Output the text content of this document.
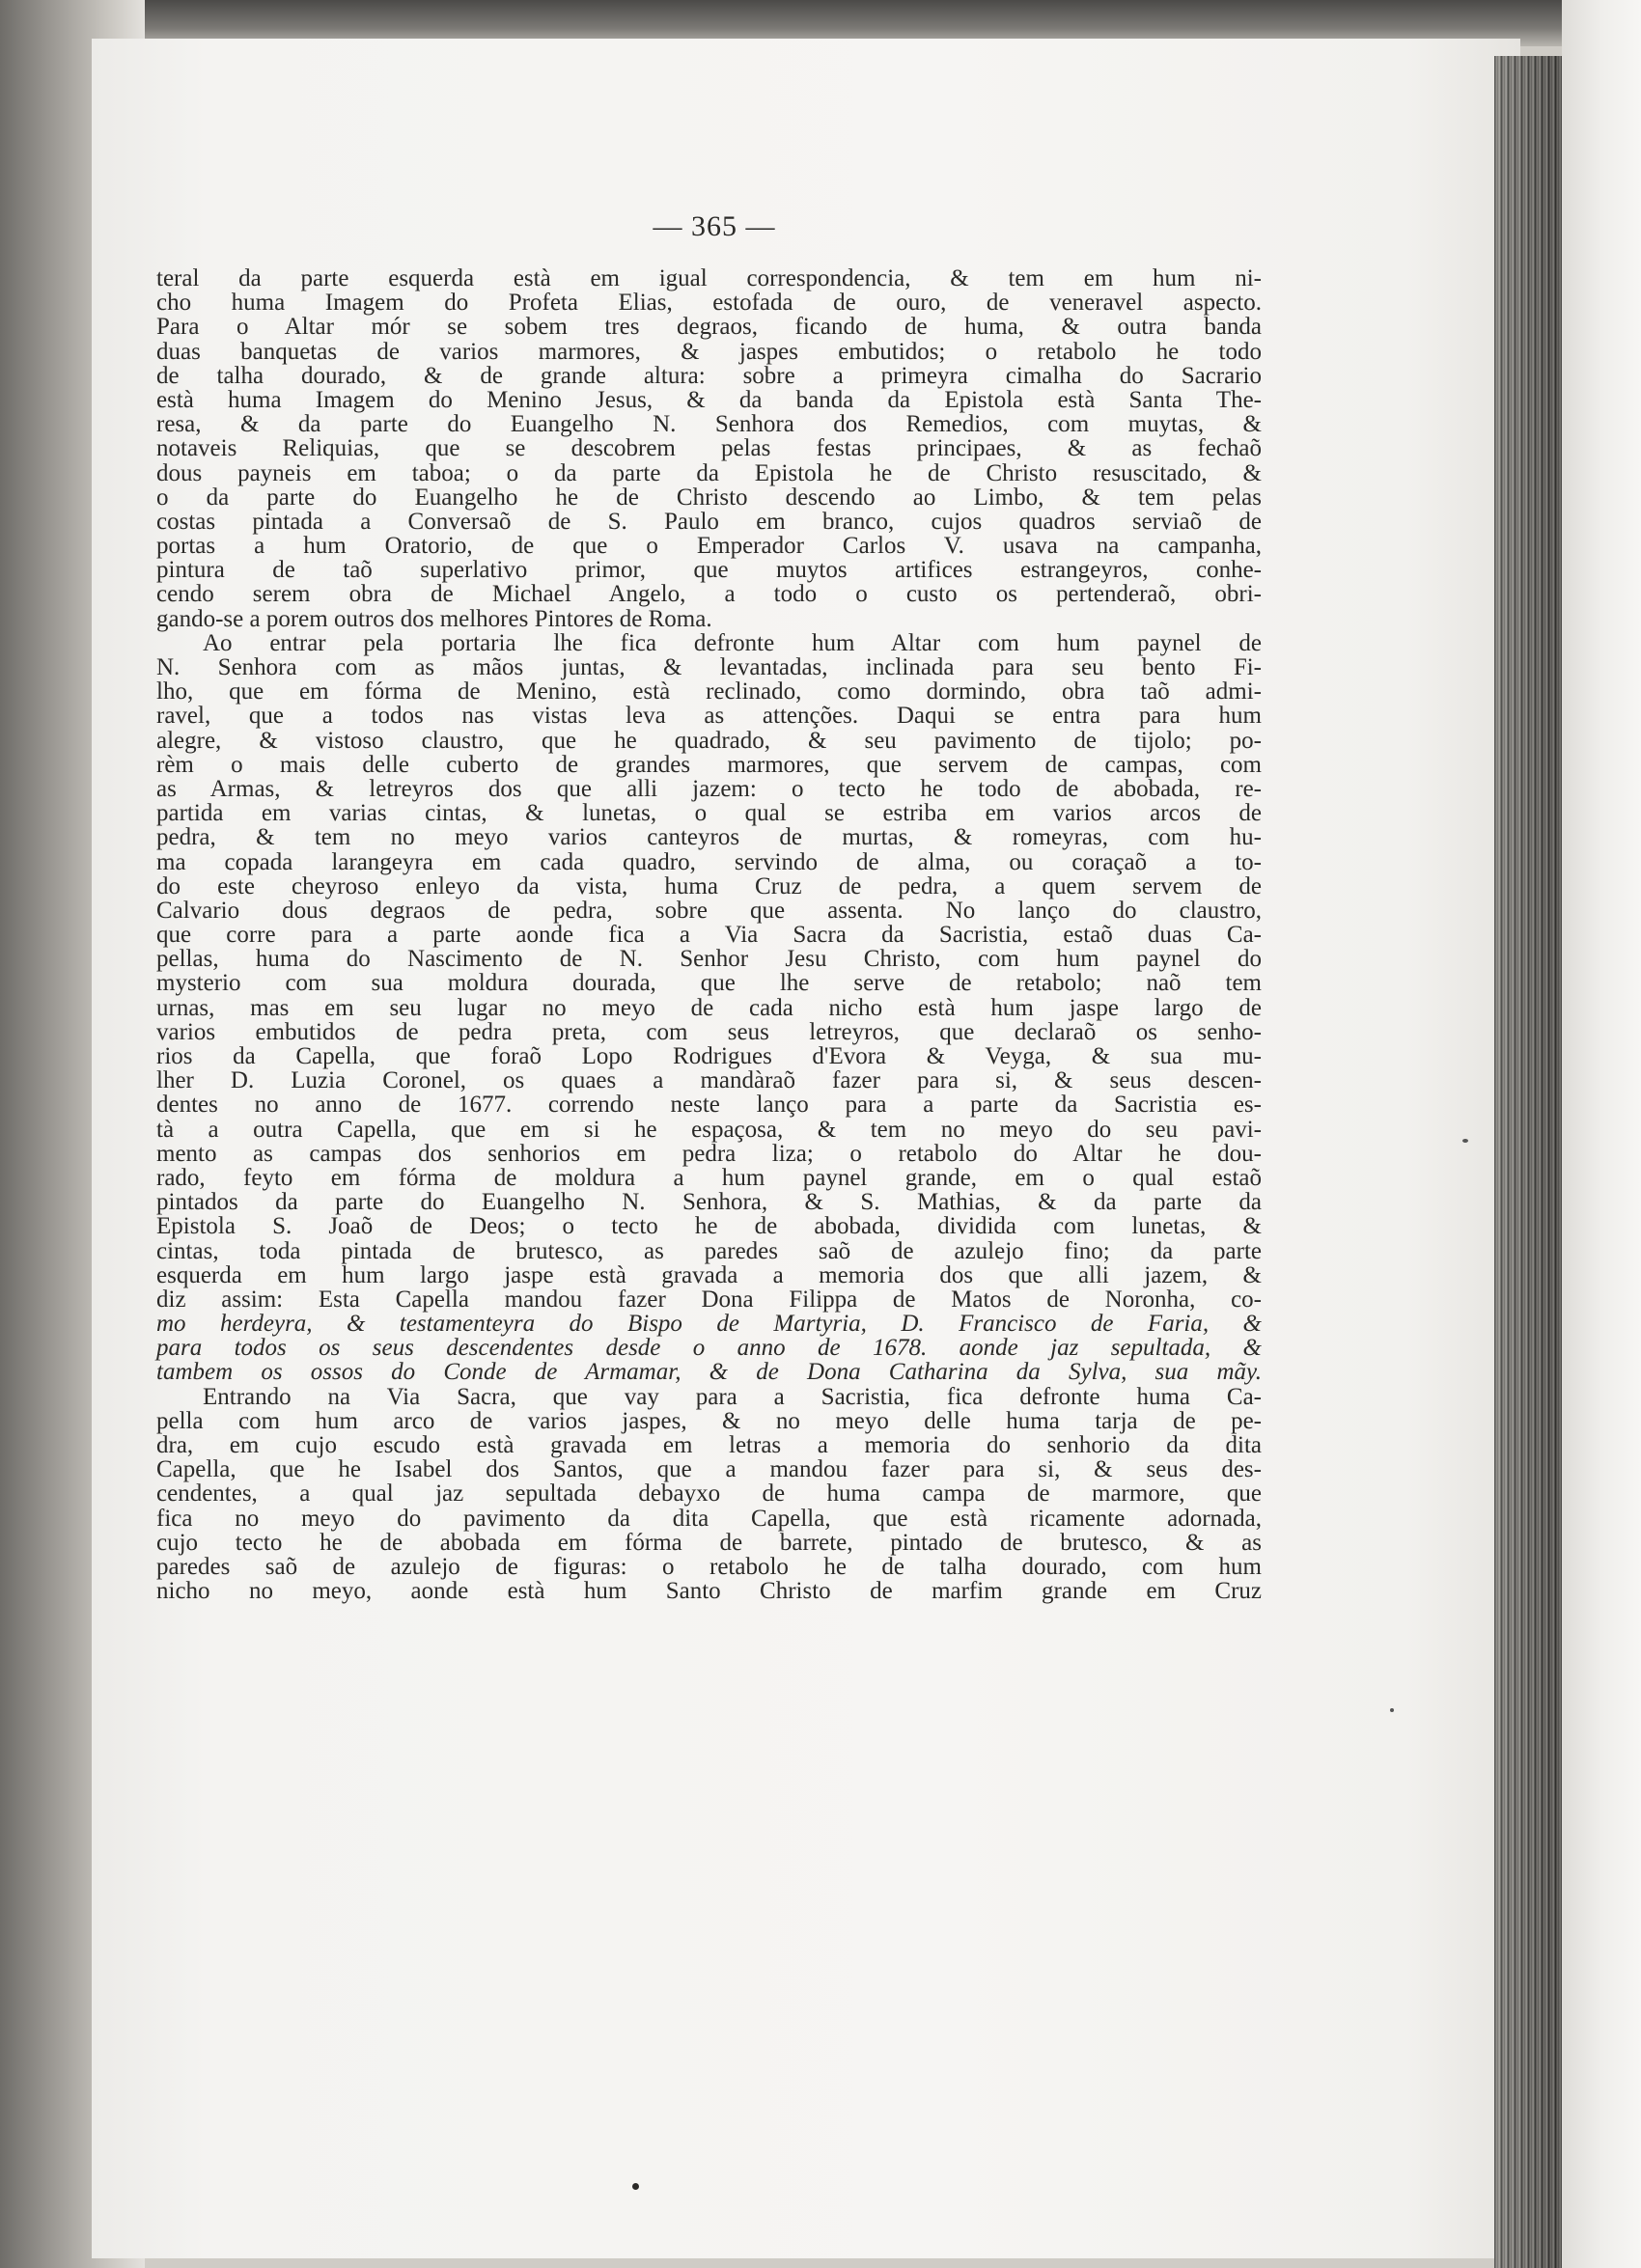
— 365 —
teral da parte esquerda està em igual correspondencia, & tem em hum ni-
cho huma Imagem do Profeta Elias, estofada de ouro, de veneravel aspecto.
Para o Altar mór se sobem tres degraos, ficando de huma, & outra banda
duas banquetas de varios marmores, & jaspes embutidos; o retabolo he todo
de talha dourado, & de grande altura: sobre a primeyra cimalha do Sacrario
està huma Imagem do Menino Jesus, & da banda da Epistola està Santa The-
resa, & da parte do Euangelho N. Senhora dos Remedios, com muytas, &
notaveis Reliquias, que se descobrem pelas festas principaes, & as fechaõ
dous payneis em taboa; o da parte da Epistola he de Christo resuscitado, &
o da parte do Euangelho he de Christo descendo ao Limbo, & tem pelas
costas pintada a Conversaõ de S. Paulo em branco, cujos quadros serviaõ de
portas a hum Oratorio, de que o Emperador Carlos V. usava na campanha,
pintura de taõ superlativo primor, que muytos artifices estrangeyros, conhe-
cendo serem obra de Michael Angelo, a todo o custo os pertenderaõ, obri-
gando-se a porem outros dos melhores Pintores de Roma.
Ao entrar pela portaria lhe fica defronte hum Altar com hum paynel de
N. Senhora com as mãos juntas, & levantadas, inclinada para seu bento Fi-
lho, que em fórma de Menino, està reclinado, como dormindo, obra taõ admi-
ravel, que a todos nas vistas leva as attenções. Daqui se entra para hum
alegre, & vistoso claustro, que he quadrado, & seu pavimento de tijolo; po-
rèm o mais delle cuberto de grandes marmores, que servem de campas, com
as Armas, & letreyros dos que alli jazem: o tecto he todo de abobada, re-
partida em varias cintas, & lunetas, o qual se estriba em varios arcos de
pedra, & tem no meyo varios canteyros de murtas, & romeyras, com hu-
ma copada larangeyra em cada quadro, servindo de alma, ou coraçaõ a to-
do este cheyroso enleyo da vista, huma Cruz de pedra, a quem servem de
Calvario dous degraos de pedra, sobre que assenta. No lanço do claustro,
que corre para a parte aonde fica a Via Sacra da Sacristia, estaõ duas Ca-
pellas, huma do Nascimento de N. Senhor Jesu Christo, com hum paynel do
mysterio com sua moldura dourada, que lhe serve de retabolo; naõ tem
urnas, mas em seu lugar no meyo de cada nicho està hum jaspe largo de
varios embutidos de pedra preta, com seus letreyros, que declaraõ os senho-
rios da Capella, que foraõ Lopo Rodrigues d'Evora & Veyga, & sua mu-
lher D. Luzia Coronel, os quaes a mandàraõ fazer para si, & seus descen-
dentes no anno de 1677. correndo neste lanço para a parte da Sacristia es-
tà a outra Capella, que em si he espaçosa, & tem no meyo do seu pavi-
mento as campas dos senhorios em pedra liza; o retabolo do Altar he dou-
rado, feyto em fórma de moldura a hum paynel grande, em o qual estaõ
pintados da parte do Euangelho N. Senhora, & S. Mathias, & da parte da
Epistola S. Joaõ de Deos; o tecto he de abobada, dividida com lunetas, &
cintas, toda pintada de brutesco, as paredes saõ de azulejo fino; da parte
esquerda em hum largo jaspe està gravada a memoria dos que alli jazem, &
diz assim: Esta Capella mandou fazer Dona Filippa de Matos de Noronha, co-
mo herdeyra, & testamenteyra do Bispo de Martyria, D. Francisco de Faria, &
para todos os seus descendentes desde o anno de 1678. aonde jaz sepultada, &
tambem os ossos do Conde de Armamar, & de Dona Catharina da Sylva, sua mãy.
Entrando na Via Sacra, que vay para a Sacristia, fica defronte huma Ca-
pella com hum arco de varios jaspes, & no meyo delle huma tarja de pe-
dra, em cujo escudo està gravada em letras a memoria do senhorio da dita
Capella, que he Isabel dos Santos, que a mandou fazer para si, & seus des-
cendentes, a qual jaz sepultada debayxo de huma campa de marmore, que
fica no meyo do pavimento da dita Capella, que està ricamente adornada,
cujo tecto he de abobada em fórma de barrete, pintado de brutesco, & as
paredes saõ de azulejo de figuras: o retabolo he de talha dourado, com hum
nicho no meyo, aonde està hum Santo Christo de marfim grande em Cruz
